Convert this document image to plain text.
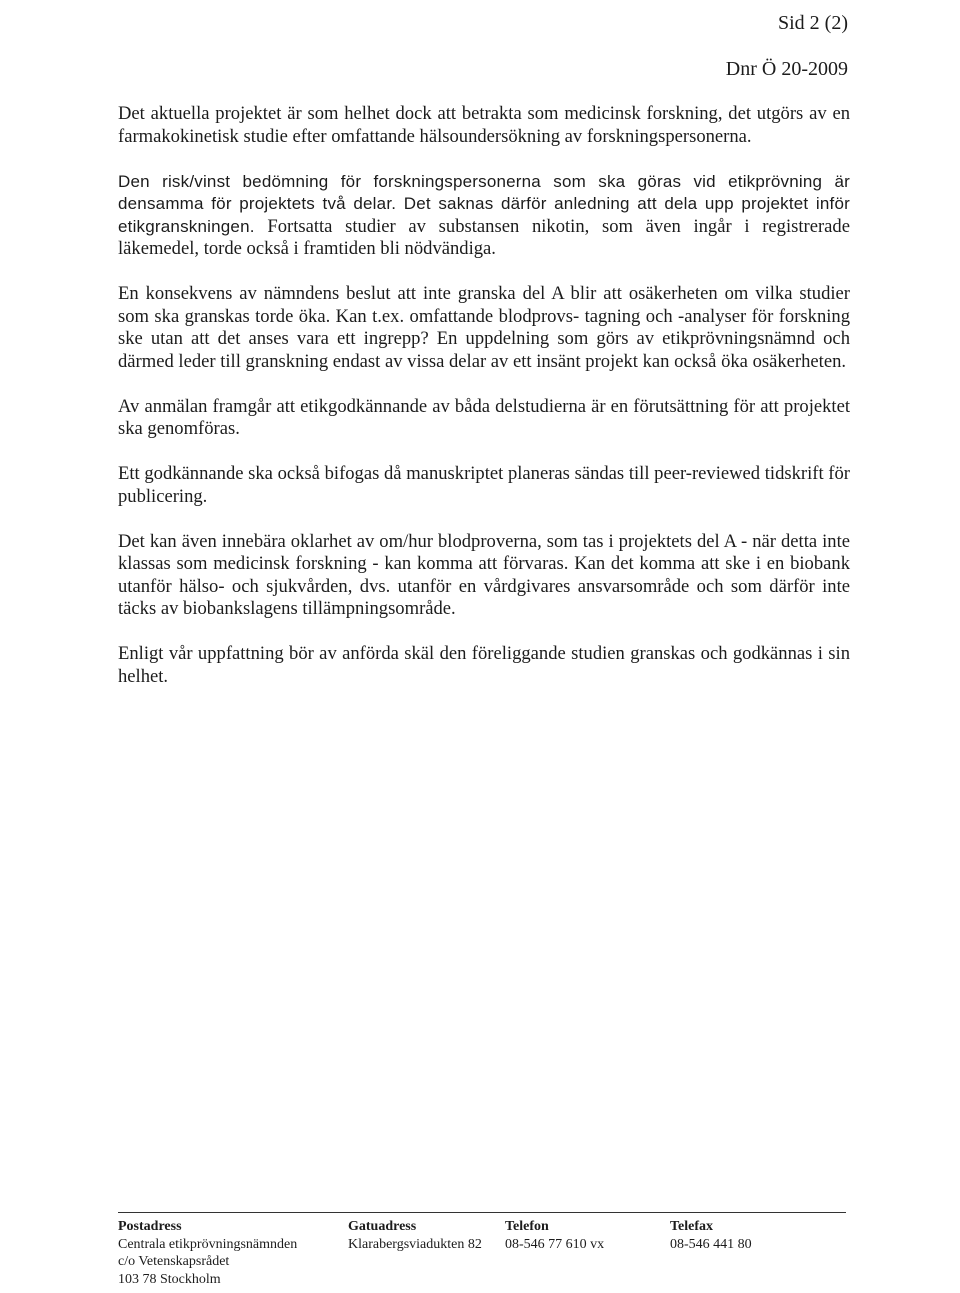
Sid 2 (2)
Dnr Ö 20-2009

Det aktuella projektet är som helhet dock att betrakta som medicinsk forskning, det utgörs av en farmakokinetisk studie efter omfattande hälsoundersökning av forskningspersonerna.

Den risk/vinst bedömning för forskningspersonerna som ska göras vid etikprövning är densamma för projektets två delar. Det saknas därför anledning att dela upp projektet inför etikgranskningen. Fortsatta studier av substansen nikotin, som även ingår i registrerade läkemedel, torde också i framtiden bli nödvändiga.

En konsekvens av nämndens beslut att inte granska del A blir att osäkerheten om vilka studier som ska granskas torde öka. Kan t.ex. omfattande blodprovs- tagning och -analyser för forskning ske utan att det anses vara ett ingrepp? En uppdelning som görs av etikprövningsnämnd och därmed leder till granskning endast av vissa delar av ett insänt projekt kan också öka osäkerheten.

Av anmälan framgår att etikgodkännande av båda delstudierna är en förutsättning för att projektet ska genomföras.

Ett godkännande ska också bifogas då manuskriptet planeras sändas till peer-reviewed tidskrift för publicering.

Det kan även innebära oklarhet av om/hur blodproverna, som tas i projektets del A - när detta inte klassas som medicinsk forskning - kan komma att förvaras. Kan det komma att ske i en biobank utanför hälso- och sjukvården, dvs. utanför en vårdgivares ansvarsområde och som därför inte täcks av biobankslagens tillämpningsområde.

Enligt vår uppfattning bör av anförda skäl den föreliggande studien granskas och godkännas i sin helhet.

Postadress
Centrala etikprövningsnämnden
c/o Vetenskapsrådet
103 78 Stockholm
Gatuadress
Klarabergsviadukten 82
Telefon
08-546 77 610 vx
Telefax
08-546 441 80
